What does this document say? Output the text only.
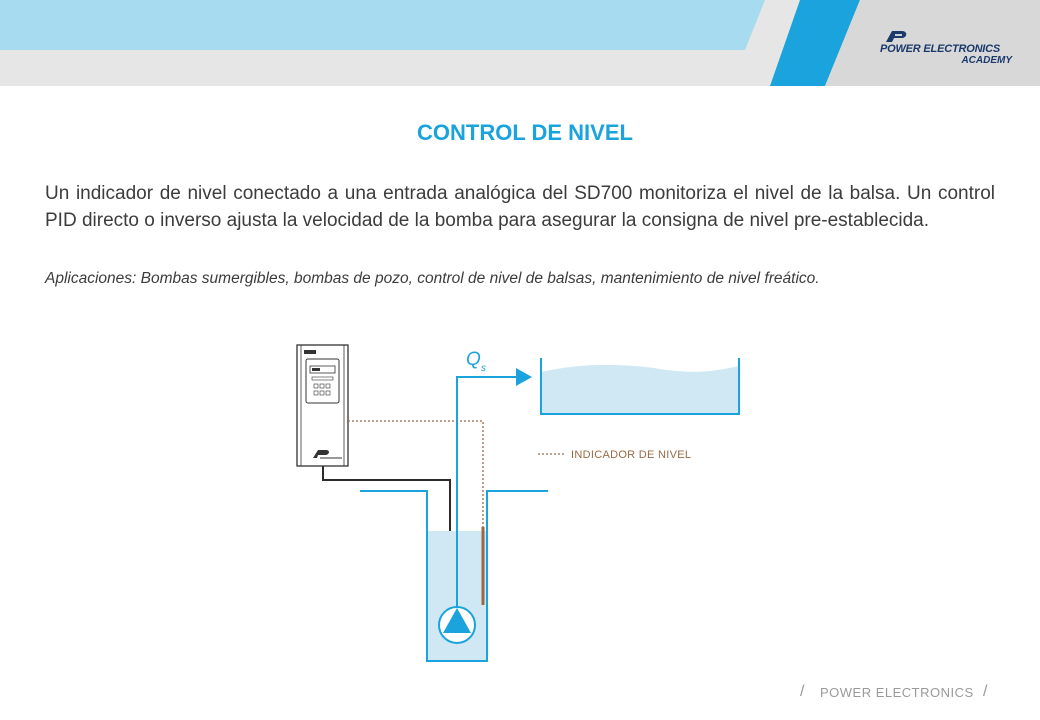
POWER ELECTRONICS
ACADEMY
CONTROL DE NIVEL
Un indicador de nivel conectado a una entrada analógica del SD700 monitoriza el nivel de la balsa. Un control PID directo o inverso ajusta la velocidad de la bomba para asegurar la consigna de nivel pre-establecida.
Aplicaciones: Bombas sumergibles, bombas de pozo, control de nivel de balsas, mantenimiento de nivel freático.
Q s
INDICADOR DE NIVEL
/ POWER ELECTRONICS /
